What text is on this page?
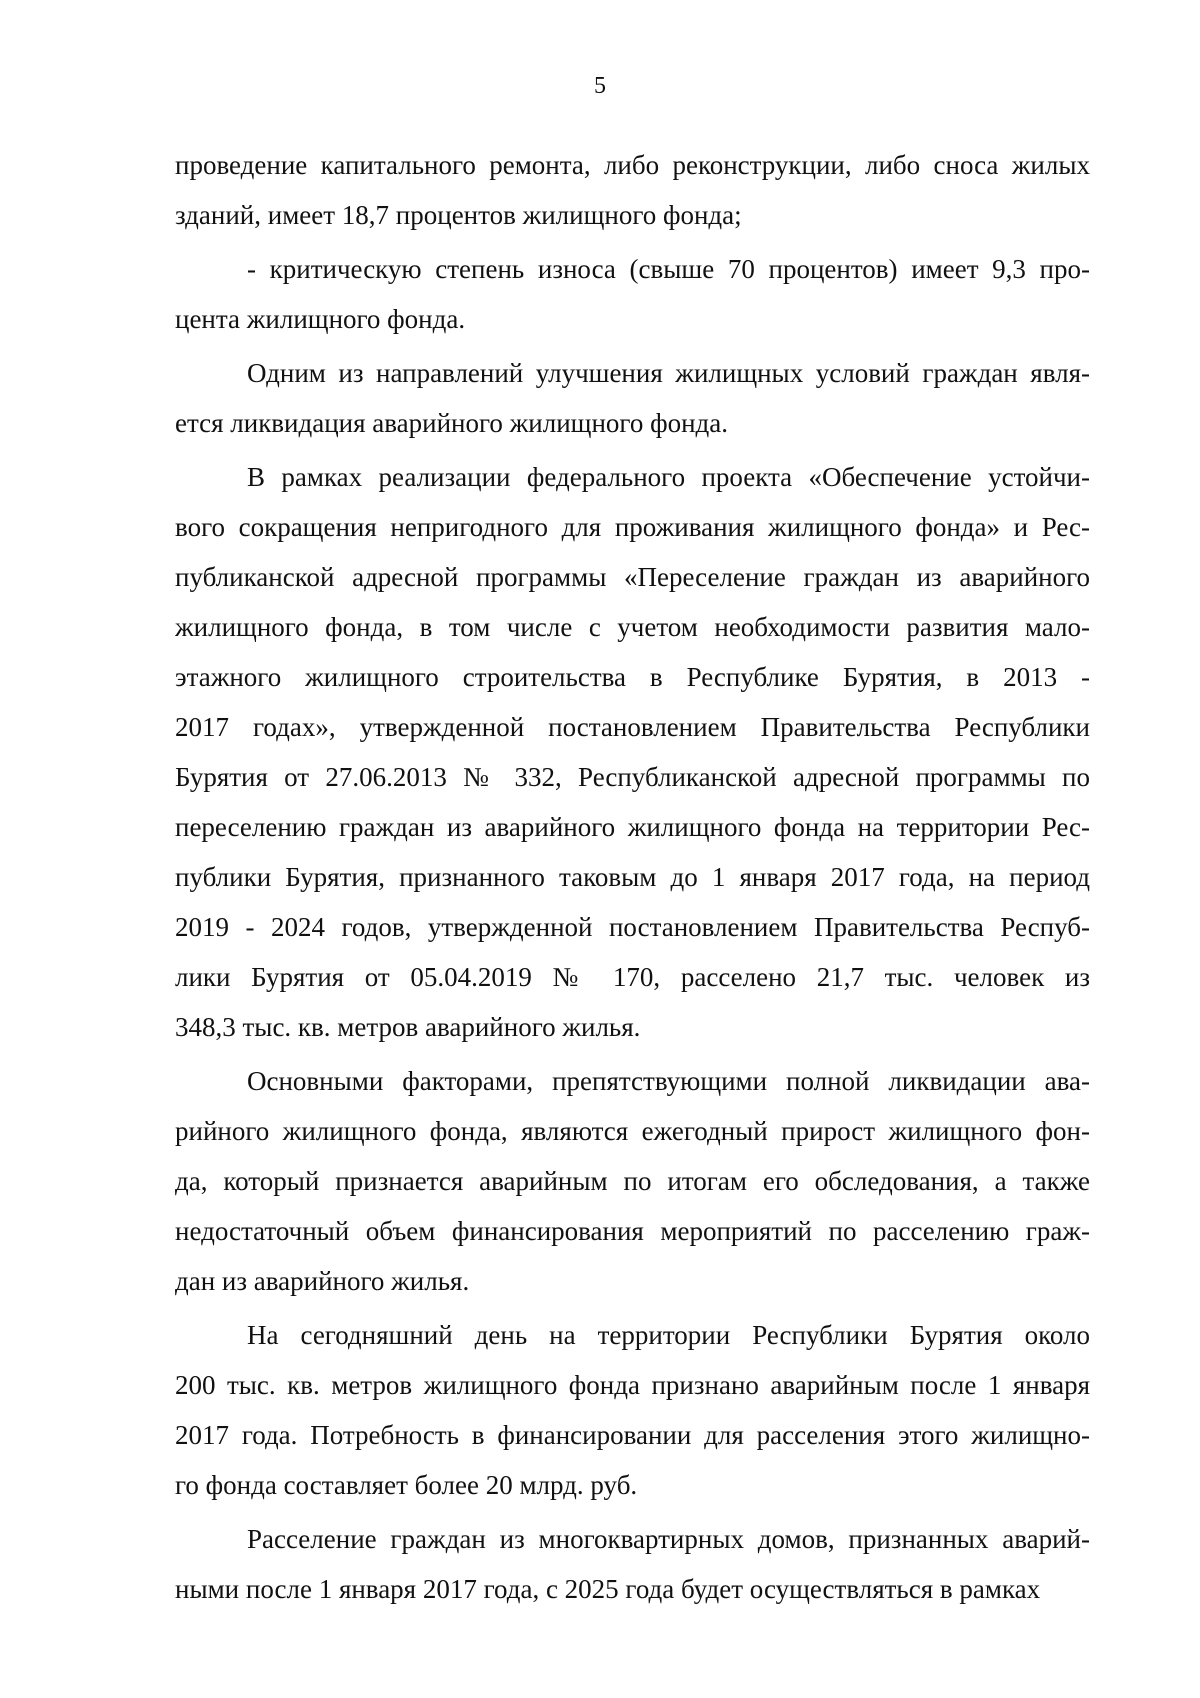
5
проведение капитального ремонта, либо реконструкции, либо сноса жилых
зданий, имеет 18,7 процентов жилищного фонда;
- критическую степень износа (свыше 70 процентов) имеет 9,3 про-
цента жилищного фонда.
Одним из направлений улучшения жилищных условий граждан явля-
ется ликвидация аварийного жилищного фонда.
В рамках реализации федерального проекта «Обеспечение устойчи-
вого сокращения непригодного для проживания жилищного фонда» и Рес-
публиканской адресной программы «Переселение граждан из аварийного
жилищного фонда, в том числе с учетом необходимости развития мало-
этажного жилищного строительства в Республике Бурятия, в 2013 -
2017 годах», утвержденной постановлением Правительства Республики
Бурятия от 27.06.2013 № 332, Республиканской адресной программы по
переселению граждан из аварийного жилищного фонда на территории Рес-
публики Бурятия, признанного таковым до 1 января 2017 года, на период
2019 - 2024 годов, утвержденной постановлением Правительства Респуб-
лики Бурятия от 05.04.2019 № 170, расселено 21,7 тыс. человек из
348,3 тыс. кв. метров аварийного жилья.
Основными факторами, препятствующими полной ликвидации ава-
рийного жилищного фонда, являются ежегодный прирост жилищного фон-
да, который признается аварийным по итогам его обследования, а также
недостаточный объем финансирования мероприятий по расселению граж-
дан из аварийного жилья.
На сегодняшний день на территории Республики Бурятия около
200 тыс. кв. метров жилищного фонда признано аварийным после 1 января
2017 года. Потребность в финансировании для расселения этого жилищно-
го фонда составляет более 20 млрд. руб.
Расселение граждан из многоквартирных домов, признанных аварий-
ными после 1 января 2017 года, с 2025 года будет осуществляться в рамках
